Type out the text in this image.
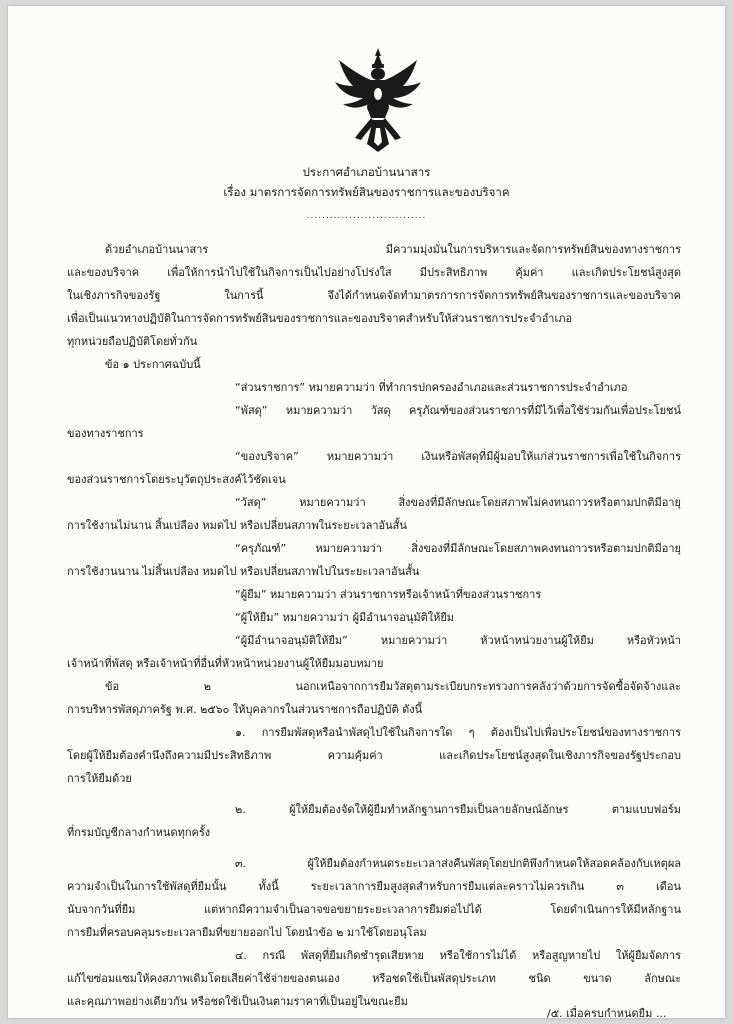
ประกาศอำเภอบ้านนาสาร
เรื่อง มาตรการจัดการทรัพย์สินของราชการและของบริจาค
...............................
ด้วยอำเภอบ้านนาสาร มีความมุ่งมั่นในการบริหารและจัดการทรัพย์สินของทางราชการ
และของบริจาค เพื่อให้การนำไปใช้ในกิจการเป็นไปอย่างโปร่งใส มีประสิทธิภาพ คุ้มค่า และเกิดประโยชน์สูงสุด
ในเชิงภารกิจของรัฐ ในการนี้ จึงได้กำหนดจัดทำมาตรการการจัดการทรัพย์สินของราชการและของบริจาค
เพื่อเป็นแนวทางปฏิบัติในการจัดการทรัพย์สินของราชการและของบริจาคสำหรับให้ส่วนราชการประจำอำเภอ
ทุกหน่วยถือปฏิบัติโดยทั่วกัน
ข้อ ๑ ประกาศฉบับนี้
“ส่วนราชการ” หมายความว่า ที่ทำการปกครองอำเภอและส่วนราชการประจำอำเภอ
“พัสดุ” หมายความว่า วัสดุ ครุภัณฑ์ของส่วนราชการที่มีไว้เพื่อใช้ร่วมกันเพื่อประโยชน์
ของทางราชการ
“ของบริจาค” หมายความว่า เงินหรือพัสดุที่มีผู้มอบให้แก่ส่วนราชการเพื่อใช้ในกิจการ
ของส่วนราชการโดยระบุวัตถุประสงค์ไว้ชัดเจน
“วัสดุ” หมายความว่า สิ่งของที่มีลักษณะโดยสภาพไม่คงทนถาวรหรือตามปกติมีอายุ
การใช้งานไม่นาน สิ้นเปลือง หมดไป หรือเปลี่ยนสภาพในระยะเวลาอันสั้น
“ครุภัณฑ์” หมายความว่า สิ่งของที่มีลักษณะโดยสภาพคงทนถาวรหรือตามปกติมีอายุ
การใช้งานนาน ไม่สิ้นเปลือง หมดไป หรือเปลี่ยนสภาพไปในระยะเวลาอันสั้น
“ผู้ยืม” หมายความว่า ส่วนราชการหรือเจ้าหน้าที่ของส่วนราชการ
“ผู้ให้ยืม” หมายความว่า ผู้มีอำนาจอนุมัติให้ยืม
“ผู้มีอำนาจอนุมัติให้ยืม” หมายความว่า หัวหน้าหน่วยงานผู้ให้ยืม หรือหัวหน้า
เจ้าหน้าที่พัสดุ หรือเจ้าหน้าที่อื่นที่หัวหน้าหน่วยงานผู้ให้ยืมมอบหมาย
ข้อ ๒ นอกเหนือจากการยืมวัสดุตามระเบียบกระทรวงการคลังว่าด้วยการจัดซื้อจัดจ้างและ
การบริหารพัสดุภาครัฐ พ.ศ. ๒๕๖๐ ให้บุคลากรในส่วนราชการถือปฏิบัติ ดังนี้
๑. การยืมพัสดุหรือนำพัสดุไปใช้ในกิจการใด ๆ ต้องเป็นไปเพื่อประโยชน์ของทางราชการ
โดยผู้ให้ยืมต้องคำนึงถึงความมีประสิทธิภาพ ความคุ้มค่า และเกิดประโยชน์สูงสุดในเชิงภารกิจของรัฐประกอบ
การให้ยืมด้วย
๒. ผู้ให้ยืมต้องจัดให้ผู้ยืมทำหลักฐานการยืมเป็นลายลักษณ์อักษร ตามแบบฟอร์ม
ที่กรมบัญชีกลางกำหนดทุกครั้ง
๓. ผู้ให้ยืมต้องกำหนดระยะเวลาส่งคืนพัสดุโดยปกติพึงกำหนดให้สอดคล้องกับเหตุผล
ความจำเป็นในการใช้พัสดุที่ยืมนั้น ทั้งนี้ ระยะเวลาการยืมสูงสุดสำหรับการยืมแต่ละคราวไม่ควรเกิน ๓ เดือน
นับจากวันที่ยืม แต่หากมีความจำเป็นอาจขอขยายระยะเวลาการยืมต่อไปได้ โดยดำเนินการให้มีหลักฐาน
การยืมที่ครอบคลุมระยะเวลายืมที่ขยายออกไป โดยนำข้อ ๒ มาใช้โดยอนุโลม
๔. กรณี พัสดุที่ยืมเกิดชำรุดเสียหาย หรือใช้การไม่ได้ หรือสูญหายไป ให้ผู้ยืมจัดการ
แก้ไขซ่อมแซมให้คงสภาพเดิมโดยเสียค่าใช้จ่ายของตนเอง หรือชดใช้เป็นพัสดุประเภท ชนิด ขนาด ลักษณะ
และคุณภาพอย่างเดียวกัน หรือชดใช้เป็นเงินตามราคาที่เป็นอยู่ในขณะยืม
/๕. เมื่อครบกำหนดยืม ...
